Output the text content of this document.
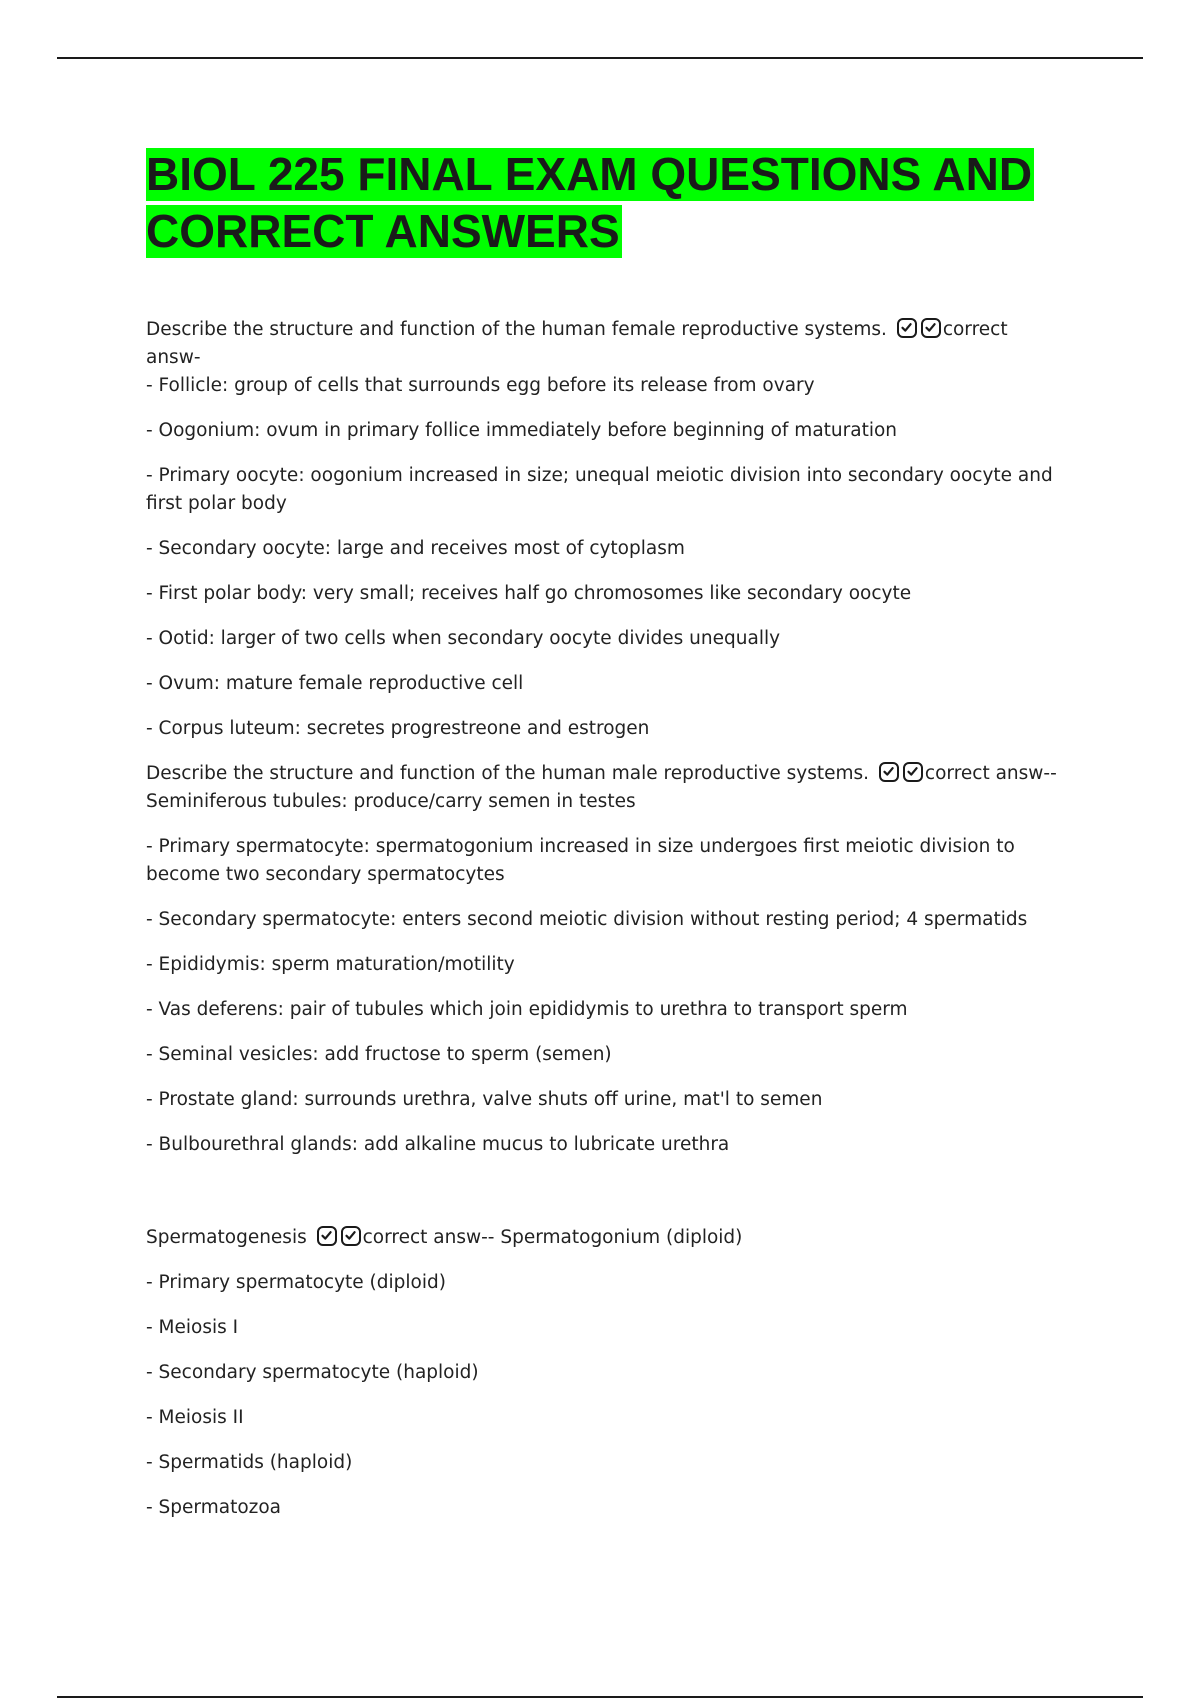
BIOL 225 FINAL EXAM QUESTIONS AND CORRECT ANSWERS

Describe the structure and function of the human female reproductive systems.	correct answ-

- Follicle: group of cells that surrounds egg before its release from ovary

- Oogonium: ovum in primary follice immediately before beginning of maturation

- Primary oocyte: oogonium increased in size; unequal meiotic division into secondary oocyte and first polar body

- Secondary oocyte: large and receives most of cytoplasm

- First polar body: very small; receives half go chromosomes like secondary oocyte

- Ootid: larger of two cells when secondary oocyte divides unequally

- Ovum: mature female reproductive cell

- Corpus luteum: secretes progrestreone and estrogen

Describe the structure and function of the human male reproductive systems.	correct answ--

Seminiferous tubules: produce/carry semen in testes

- Primary spermatocyte: spermatogonium increased in size undergoes first meiotic division to become two secondary spermatocytes

- Secondary spermatocyte: enters second meiotic division without resting period; 4 spermatids

- Epididymis: sperm maturation/motility

- Vas deferens: pair of tubules which join epididymis to urethra to transport sperm

- Seminal vesicles: add fructose to sperm (semen)

- Prostate gland: surrounds urethra, valve shuts off urine, mat'l to semen

- Bulbourethral glands: add alkaline mucus to lubricate urethra

Spermatogenesis	correct answ-- Spermatogonium (diploid)

- Primary spermatocyte (diploid)

- Meiosis I

- Secondary spermatocyte (haploid)

- Meiosis II

- Spermatids (haploid)

- Spermatozoa
